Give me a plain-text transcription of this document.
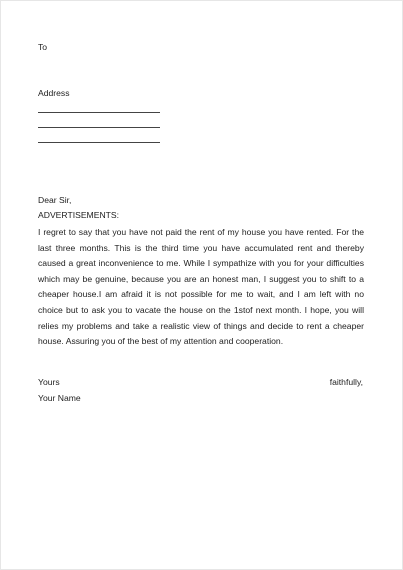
To
Address
Dear Sir,
ADVERTISEMENTS:
I regret to say that you have not paid the rent of my house you have rented. For the last three months. This is the third time you have accumulated rent and thereby caused a great inconvenience to me. While I sympathize with you for your difficulties which may be genuine, because you are an honest man, I suggest you to shift to a cheaper house.I am afraid it is not possible for me to wait, and I am left with no choice but to ask you to vacate the house on the 1stof next month. I hope, you will relies my problems and take a realistic view of things and decide to rent a cheaper house. Assuring you of the best of my attention and cooperation.
Yours	faithfully,
Your Name
